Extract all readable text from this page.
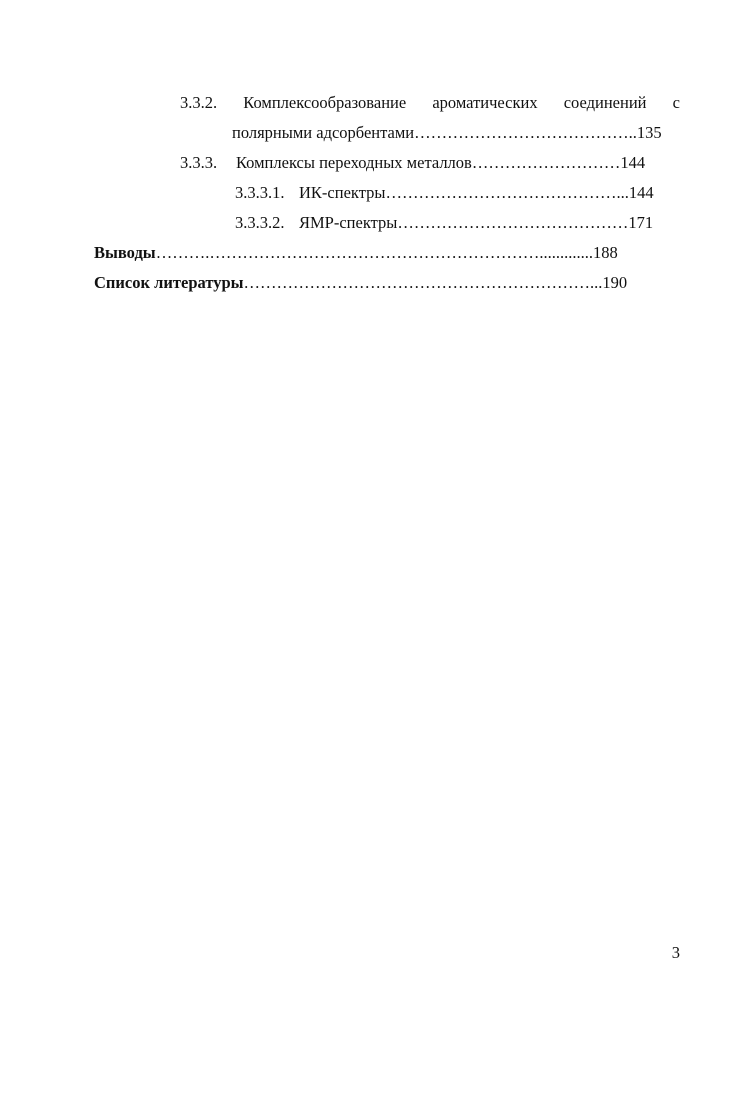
3.3.2. Комплексообразование ароматических соединений с
полярными адсорбентами…………………………………..135
3.3.3. Комплексы переходных металлов………………………144
3.3.3.1. ИК-спектры……………………………………...144
3.3.3.2. ЯМР-спектры……………………………………171
Выводы……….…………………………………………………….............188
Список литературы………………………………………………………...190
3
